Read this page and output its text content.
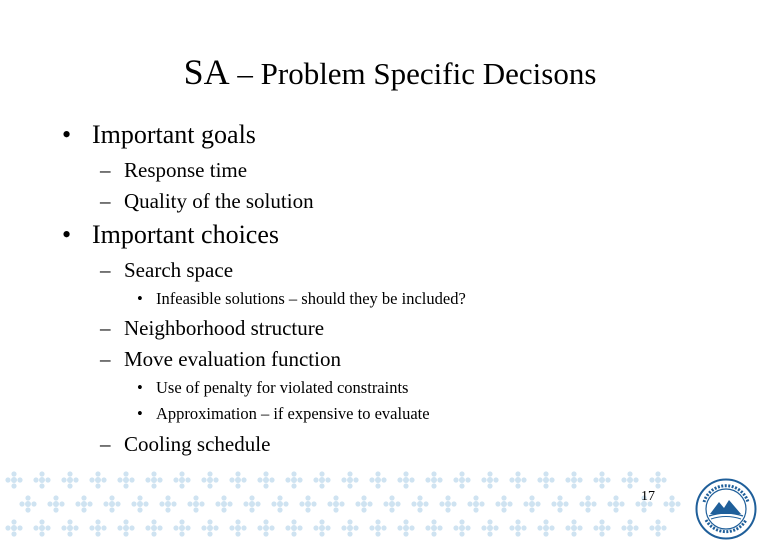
SA – Problem Specific Decisons
• Important goals
– Response time
– Quality of the solution
• Important choices
– Search space
• Infeasible solutions – should they be included?
– Neighborhood structure
– Move evaluation function
• Use of penalty for violated constraints
• Approximation – if expensive to evaluate
– Cooling schedule
17
